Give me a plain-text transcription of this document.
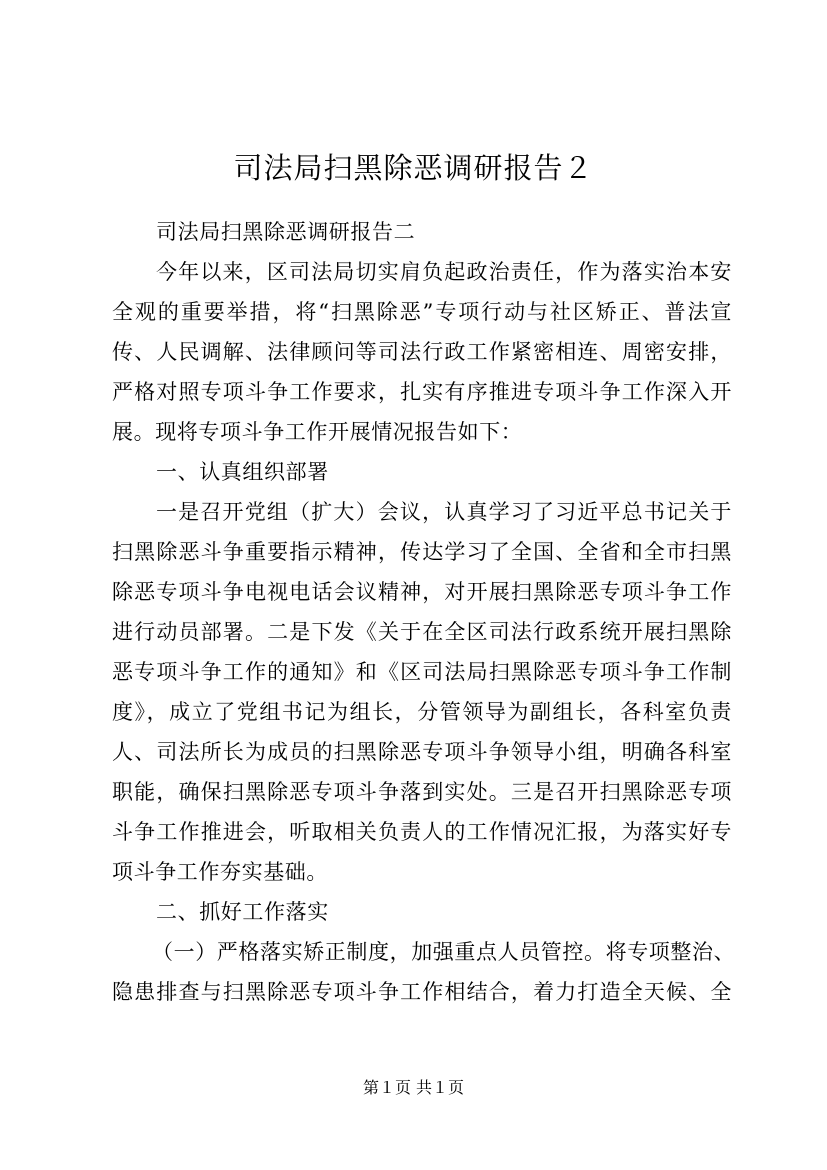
司法局扫黑除恶调研报告２
司法局扫黑除恶调研报告二
今年以来，区司法局切实肩负起政治责任，作为落实治本安
全观的重要举措，将“扫黑除恶”专项行动与社区矫正、普法宣
传、人民调解、法律顾问等司法行政工作紧密相连、周密安排，
严格对照专项斗争工作要求，扎实有序推进专项斗争工作深入开
展。现将专项斗争工作开展情况报告如下：
一、认真组织部署
一是召开党组（扩大）会议，认真学习了习近平总书记关于
扫黑除恶斗争重要指示精神，传达学习了全国、全省和全市扫黑
除恶专项斗争电视电话会议精神，对开展扫黑除恶专项斗争工作
进行动员部署。二是下发《关于在全区司法行政系统开展扫黑除
恶专项斗争工作的通知》和《区司法局扫黑除恶专项斗争工作制
度》，成立了党组书记为组长，分管领导为副组长，各科室负责
人、司法所长为成员的扫黑除恶专项斗争领导小组，明确各科室
职能，确保扫黑除恶专项斗争落到实处。三是召开扫黑除恶专项
斗争工作推进会，听取相关负责人的工作情况汇报，为落实好专
项斗争工作夯实基础。
二、抓好工作落实
（一）严格落实矫正制度，加强重点人员管控。将专项整治、
隐患排查与扫黑除恶专项斗争工作相结合，着力打造全天候、全
第１页 共１页
